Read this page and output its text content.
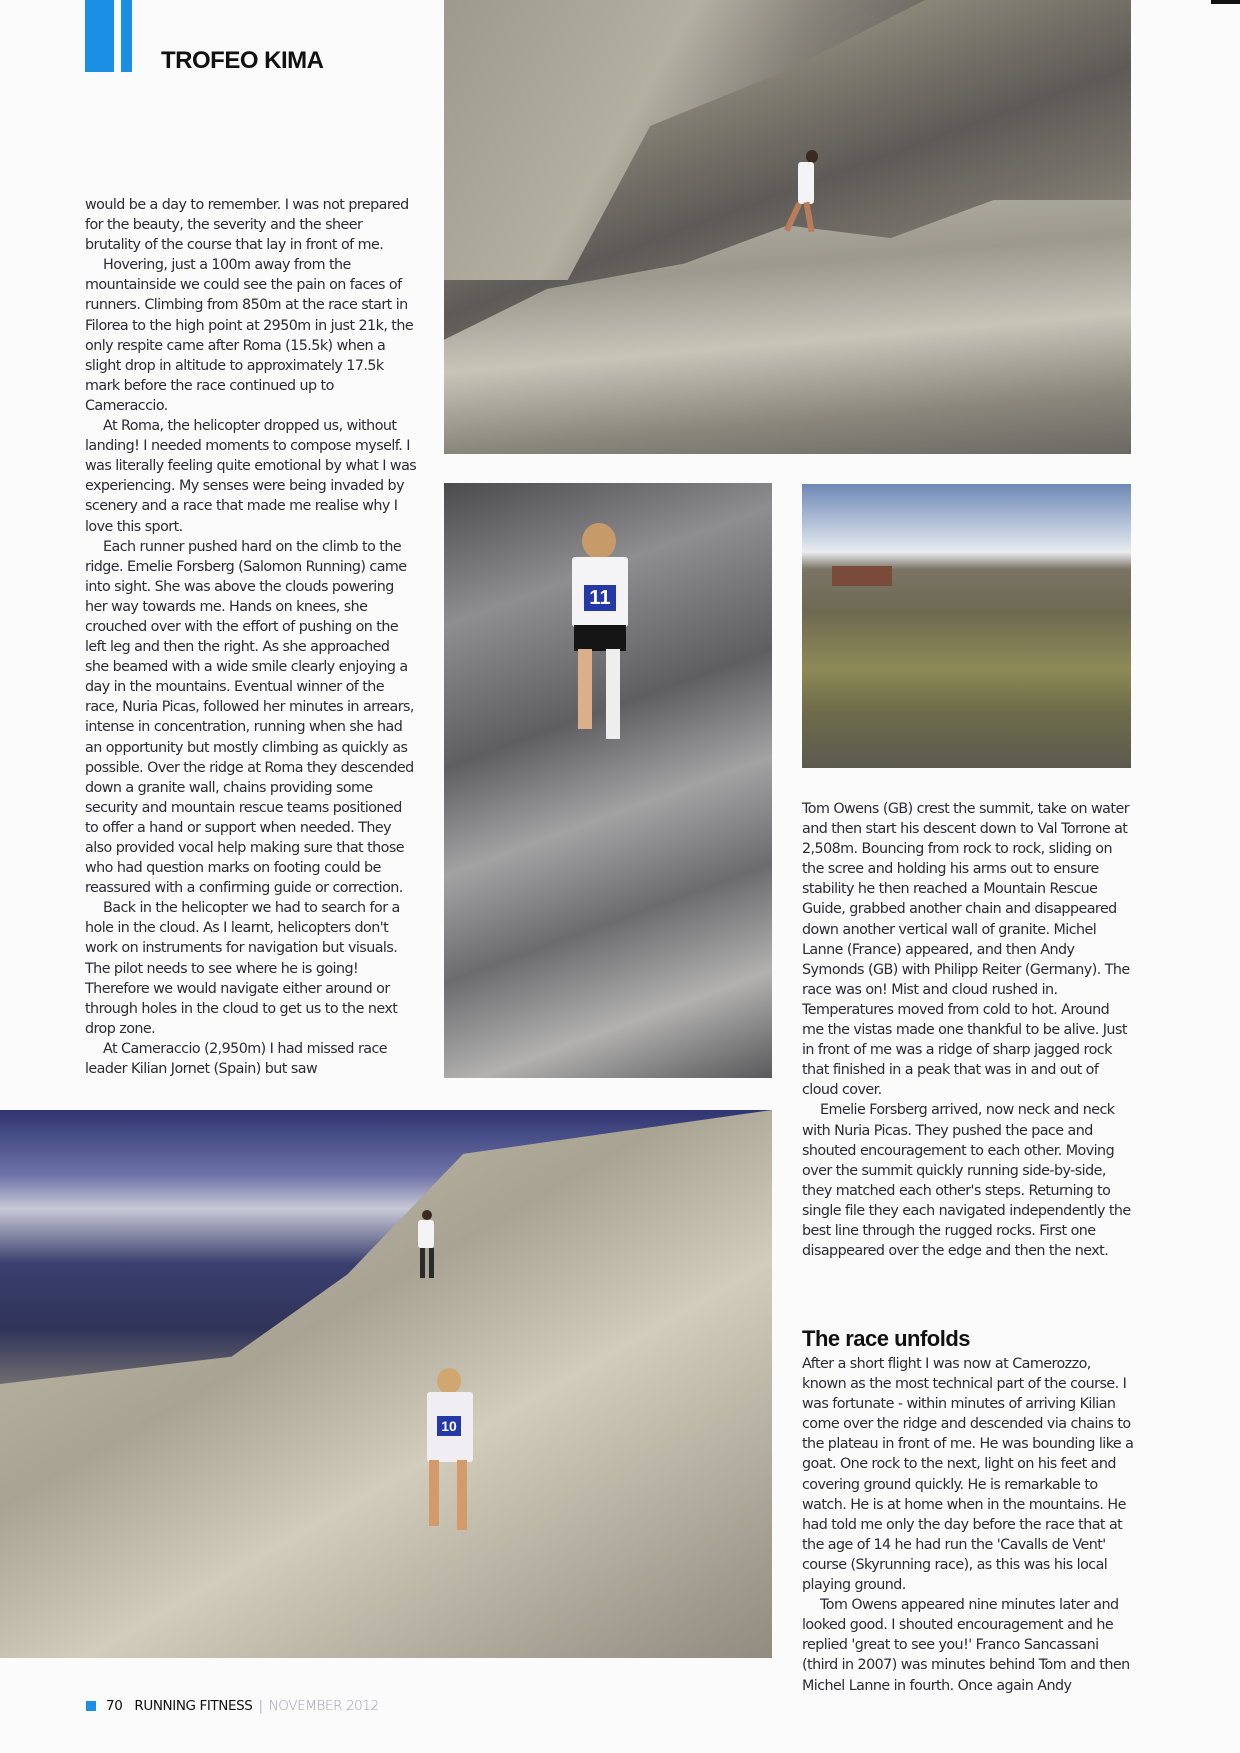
TROFEO KIMA
11
10

would be a day to remember. I was not prepared for the beauty, the severity and the sheer brutality of the course that lay in front of me.

Hovering, just a 100m away from the mountainside we could see the pain on faces of runners. Climbing from 850m at the race start in Filorea to the high point at 2950m in just 21k, the only respite came after Roma (15.5k) when a slight drop in altitude to approximately 17.5k mark before the race continued up to Cameraccio.

At Roma, the helicopter dropped us, without landing! I needed moments to compose myself. I was literally feeling quite emotional by what I was experiencing. My senses were being invaded by scenery and a race that made me realise why I love this sport.

Each runner pushed hard on the climb to the ridge. Emelie Forsberg (Salomon Running) came into sight. She was above the clouds powering her way towards me. Hands on knees, she crouched over with the effort of pushing on the left leg and then the right. As she approached she beamed with a wide smile clearly enjoying a day in the mountains. Eventual winner of the race, Nuria Picas, followed her minutes in arrears, intense in concentration, running when she had an opportunity but mostly climbing as quickly as possible. Over the ridge at Roma they descended down a granite wall, chains providing some security and mountain rescue teams positioned to offer a hand or support when needed. They also provided vocal help making sure that those who had question marks on footing could be reassured with a confirming guide or correction.

Back in the helicopter we had to search for a hole in the cloud. As I learnt, helicopters don't work on instruments for navigation but visuals. The pilot needs to see where he is going! Therefore we would navigate either around or through holes in the cloud to get us to the next drop zone.

At Cameraccio (2,950m) I had missed race leader Kilian Jornet (Spain) but saw

Tom Owens (GB) crest the summit, take on water and then start his descent down to Val Torrone at 2,508m. Bouncing from rock to rock, sliding on the scree and holding his arms out to ensure stability he then reached a Mountain Rescue Guide, grabbed another chain and disappeared down another vertical wall of granite. Michel Lanne (France) appeared, and then Andy Symonds (GB) with Philipp Reiter (Germany). The race was on! Mist and cloud rushed in. Temperatures moved from cold to hot. Around me the vistas made one thankful to be alive. Just in front of me was a ridge of sharp jagged rock that finished in a peak that was in and out of cloud cover.

Emelie Forsberg arrived, now neck and neck with Nuria Picas. They pushed the pace and shouted encouragement to each other. Moving over the summit quickly running side-by-side, they matched each other's steps. Returning to single file they each navigated independently the best line through the rugged rocks. First one disappeared over the edge and then the next.

The race unfolds

After a short flight I was now at Camerozzo, known as the most technical part of the course. I was fortunate - within minutes of arriving Kilian come over the ridge and descended via chains to the plateau in front of me. He was bounding like a goat. One rock to the next, light on his feet and covering ground quickly. He is remarkable to watch. He is at home when in the mountains. He had told me only the day before the race that at the age of 14 he had run the 'Cavalls de Vent' course (Skyrunning race), as this was his local playing ground.

Tom Owens appeared nine minutes later and looked good. I shouted encouragement and he replied 'great to see you!' Franco Sancassani (third in 2007) was minutes behind Tom and then Michel Lanne in fourth. Once again Andy

70 RUNNING FITNESS | NOVEMBER 2012
